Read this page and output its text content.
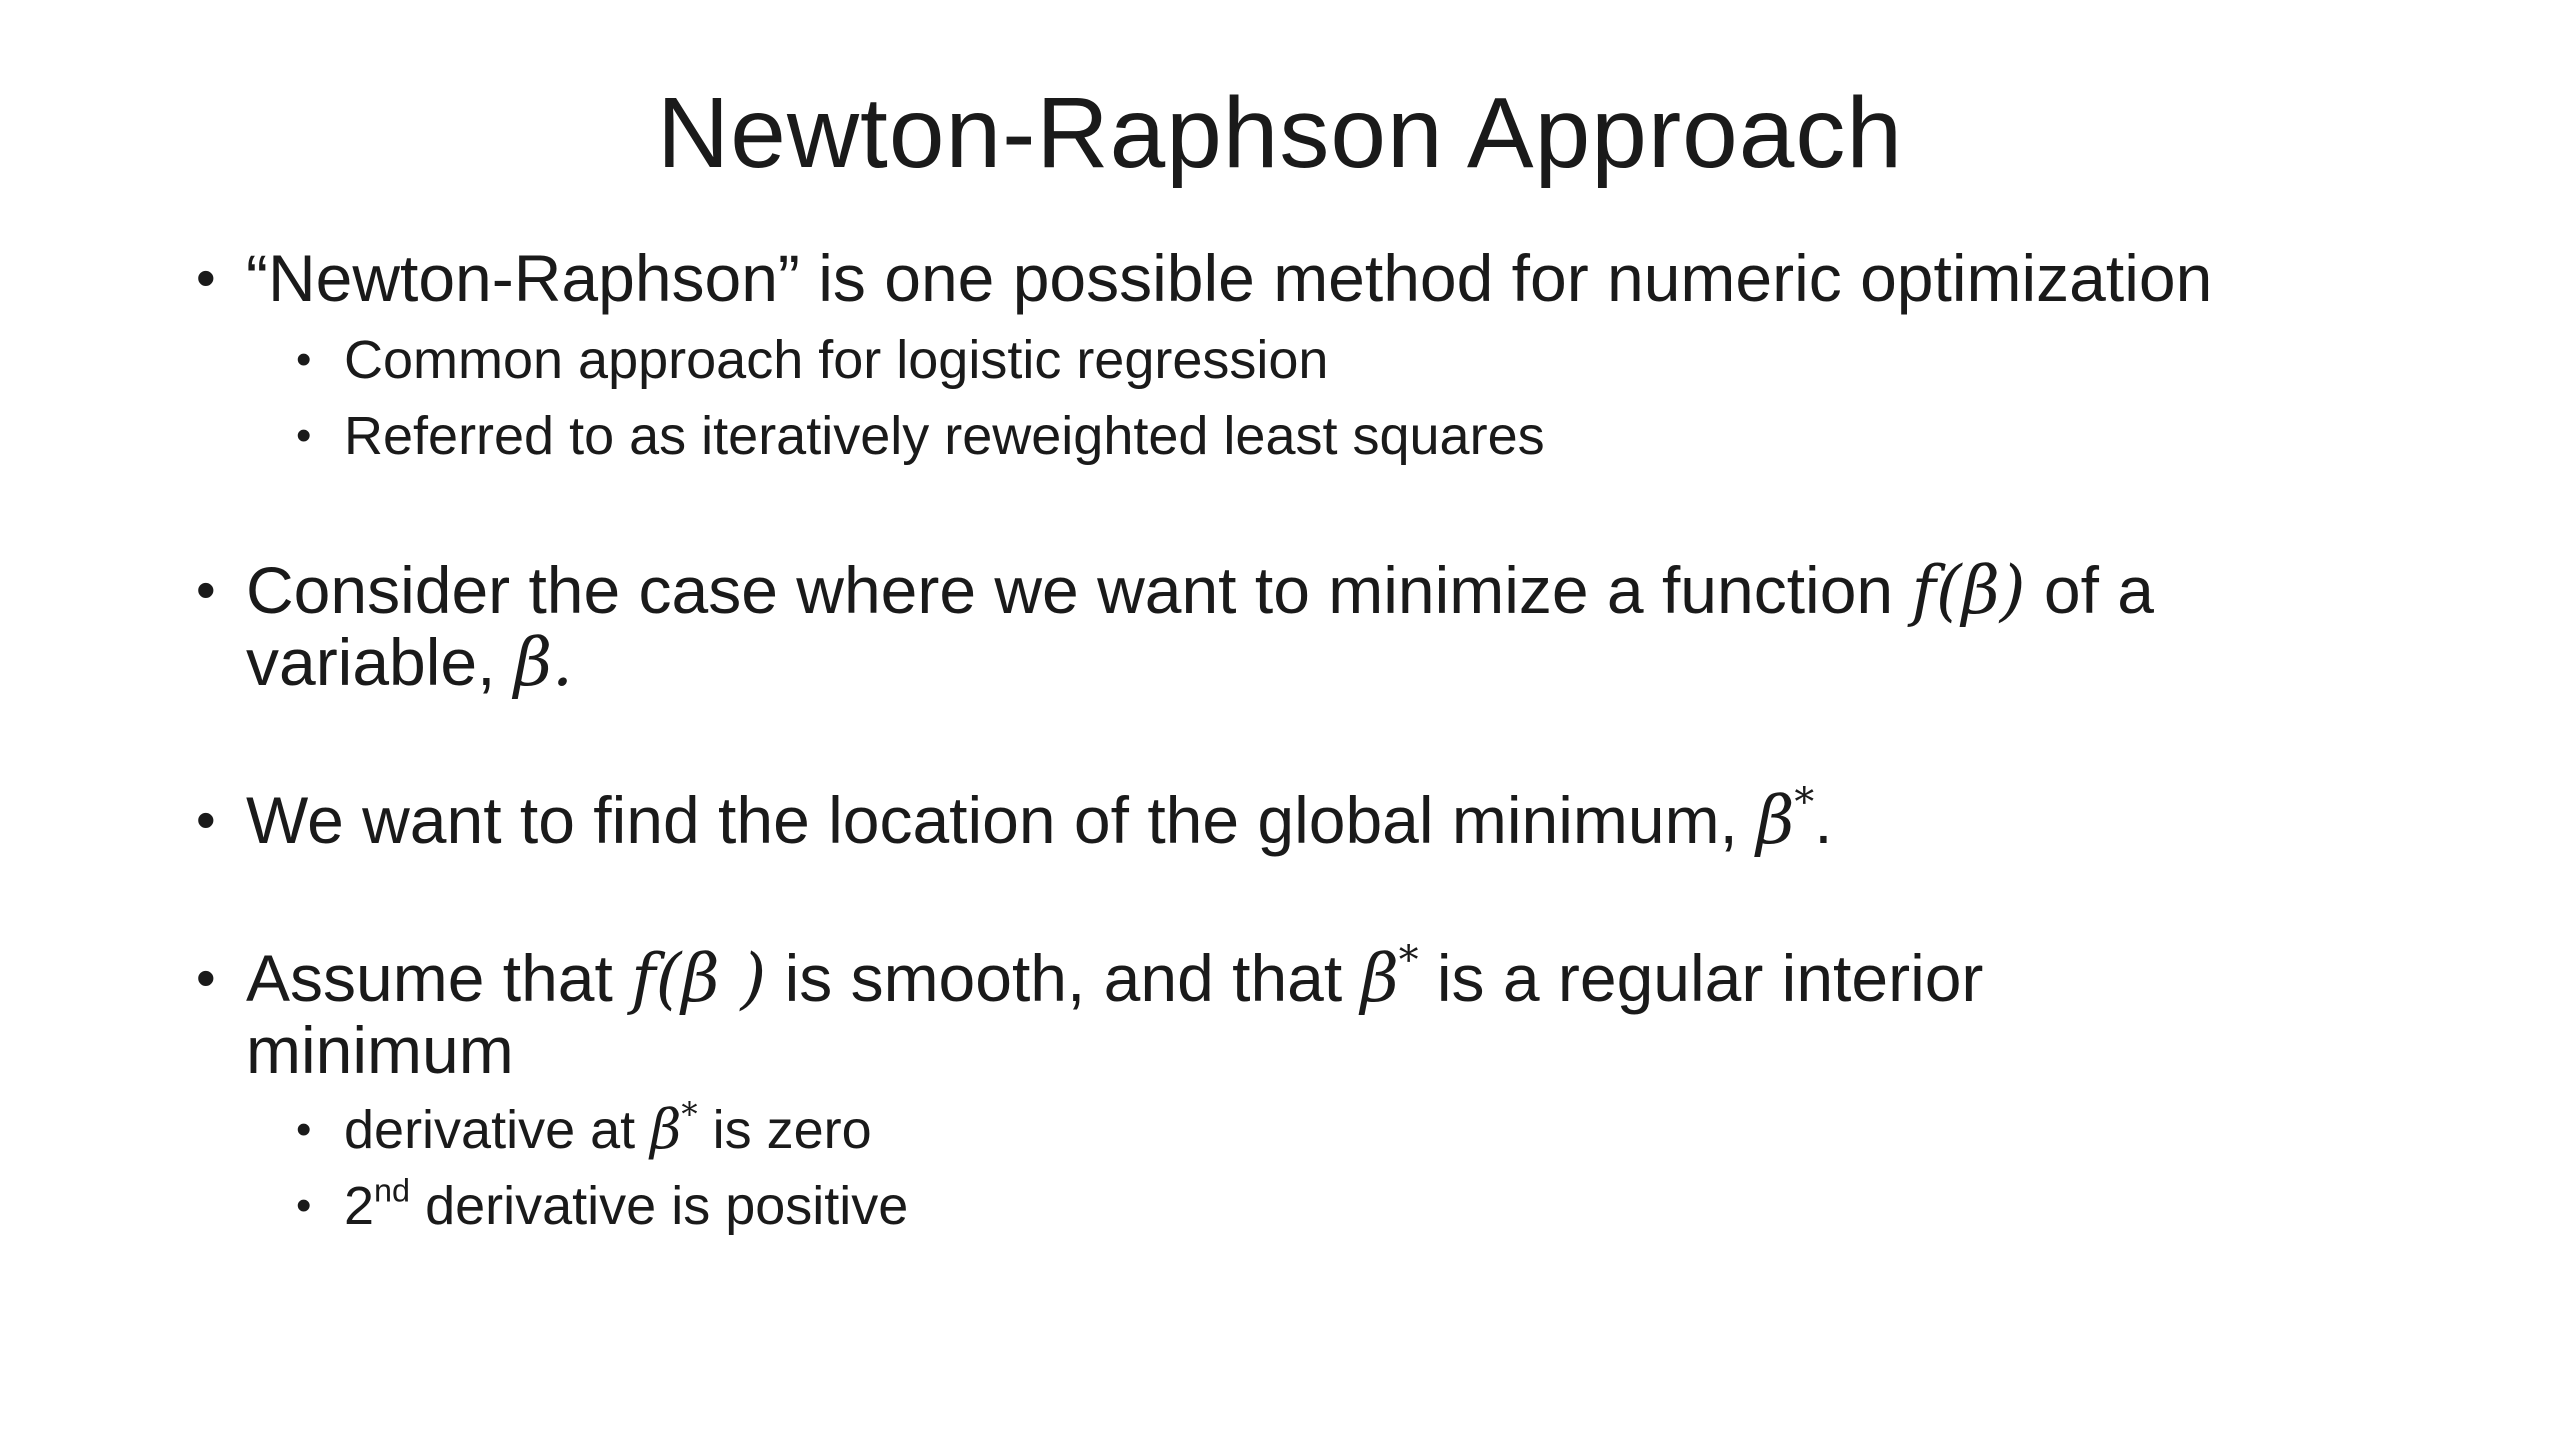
Newton-Raphson Approach
• “Newton-Raphson” is one possible method for numeric optimization
• Common approach for logistic regression
• Referred to as iteratively reweighted least squares
• Consider the case where we want to minimize a function f(β) of a
variable, β.
• We want to find the location of the global minimum, β*.
• Assume that f(β ) is smooth, and that β* is a regular interior
minimum
• derivative at β* is zero
• 2nd derivative is positive
